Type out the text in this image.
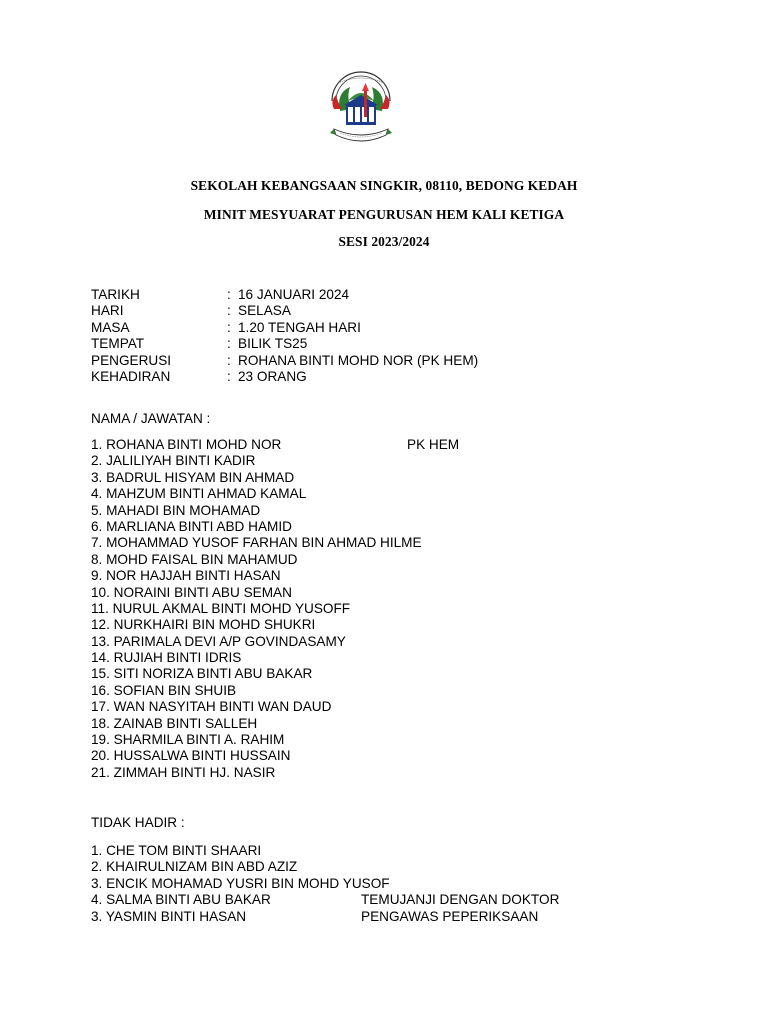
SEKOLAH KEBANGSAAN SINGKIR, 08110, BEDONG KEDAH
MINIT MESYUARAT PENGURUSAN HEM KALI KETIGA
SESI 2023/2024
TARIKH	: 16 JANUARI 2024
HARI	: SELASA
MASA	: 1.20 TENGAH HARI
TEMPAT	: BILIK TS25
PENGERUSI	: ROHANA BINTI MOHD NOR (PK HEM)
KEHADIRAN	: 23 ORANG
NAMA / JAWATAN :
1. ROHANA BINTI MOHD NOR	PK HEM
2. JALILIYAH BINTI KADIR
3. BADRUL HISYAM BIN AHMAD
4. MAHZUM BINTI AHMAD KAMAL
5. MAHADI BIN MOHAMAD
6. MARLIANA BINTI ABD HAMID
7. MOHAMMAD YUSOF FARHAN BIN AHMAD HILME
8. MOHD FAISAL BIN MAHAMUD
9. NOR HAJJAH BINTI HASAN
10. NORAINI BINTI ABU SEMAN
11. NURUL AKMAL BINTI MOHD YUSOFF
12. NURKHAIRI BIN MOHD SHUKRI
13. PARIMALA DEVI A/P GOVINDASAMY
14. RUJIAH BINTI IDRIS
15. SITI NORIZA BINTI ABU BAKAR
16. SOFIAN BIN SHUIB
17. WAN NASYITAH BINTI WAN DAUD
18. ZAINAB BINTI SALLEH
19. SHARMILA BINTI A. RAHIM
20. HUSSALWA BINTI HUSSAIN
21. ZIMMAH BINTI HJ. NASIR
TIDAK HADIR :
1. CHE TOM BINTI SHAARI
2. KHAIRULNIZAM BIN ABD AZIZ
3. ENCIK MOHAMAD YUSRI BIN MOHD YUSOF
4. SALMA BINTI ABU BAKAR	TEMUJANJI DENGAN DOKTOR
3. YASMIN BINTI HASAN	PENGAWAS PEPERIKSAAN
